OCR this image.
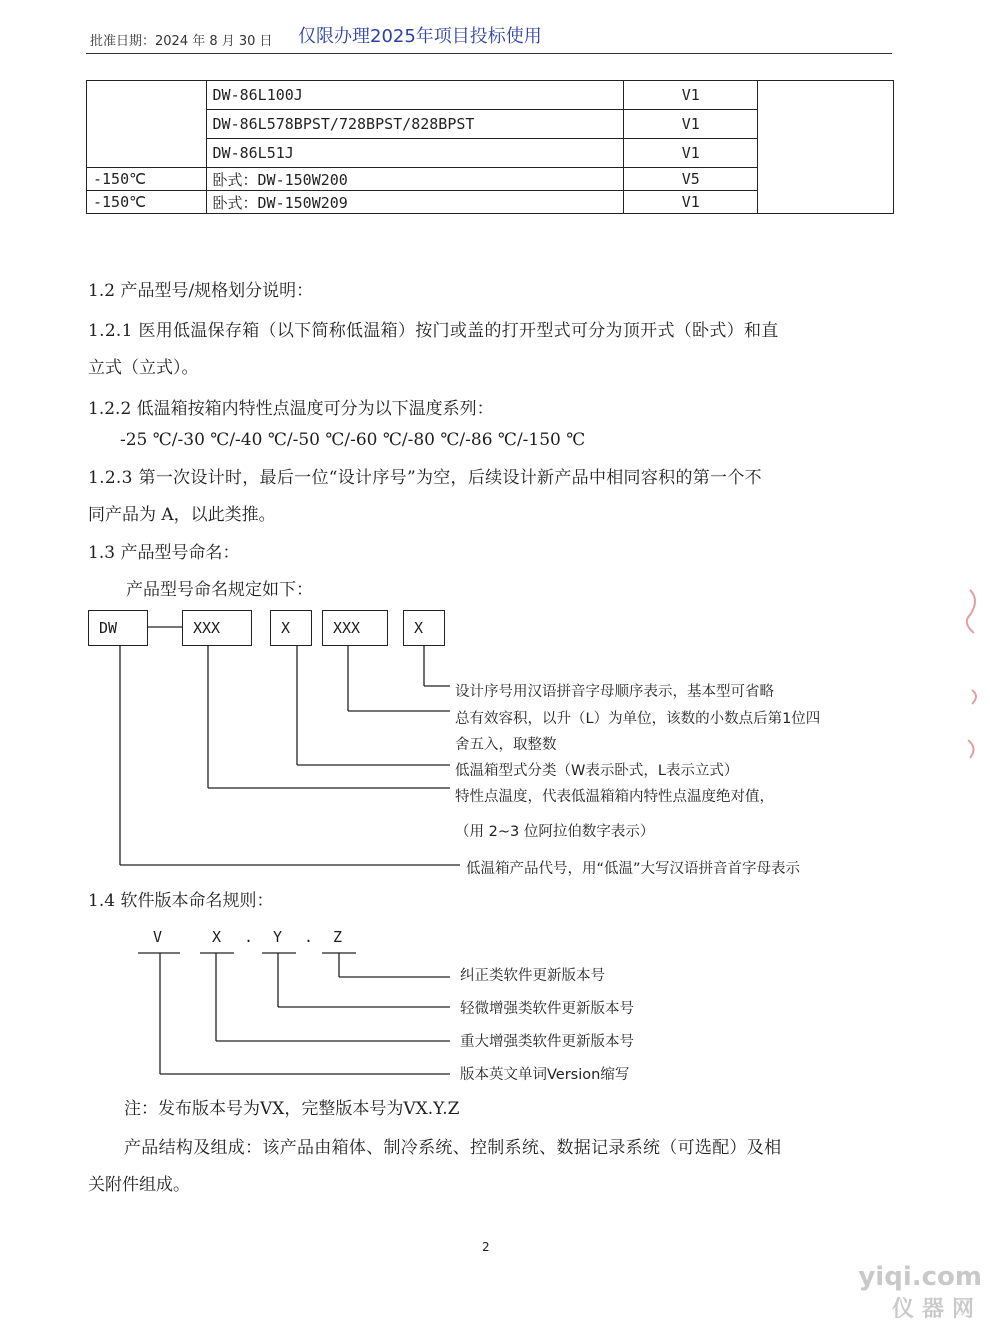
批准日期：2024 年 8 月 30 日 仅限办理2025年项目投标使用
	DW-86L100J	V1	
	DW-86L578BPST/728BPST/828BPST	V1	
	DW-86L51J	V1	
-150℃	卧式：DW-150W200	V5	
-150℃	卧式：DW-150W209	V1	
1.2 产品型号/规格划分说明：
1.2.1 医用低温保存箱（以下简称低温箱）按门或盖的打开型式可分为顶开式（卧式）和直
立式（立式）。
1.2.2 低温箱按箱内特性点温度可分为以下温度系列：
-25 ℃/-30 ℃/-40 ℃/-50 ℃/-60 ℃/-80 ℃/-86 ℃/-150 ℃
1.2.3 第一次设计时，最后一位“设计序号”为空，后续设计新产品中相同容积的第一个不
同产品为 A，以此类推。
1.3 产品型号命名：
产品型号命名规定如下：
DW	XXX	X	XXX	X
设计序号用汉语拼音字母顺序表示，基本型可省略
总有效容积，以升（L）为单位，该数的小数点后第1位四
舍五入，取整数
低温箱型式分类（W表示卧式，L表示立式）
特性点温度，代表低温箱箱内特性点温度绝对值，
（用 2~3 位阿拉伯数字表示）
低温箱产品代号，用“低温”大写汉语拼音首字母表示
1.4 软件版本命名规则：
V	X . Y . Z
纠正类软件更新版本号
轻微增强类软件更新版本号
重大增强类软件更新版本号
版本英文单词Version缩写
注：发布版本号为VX，完整版本号为VX.Y.Z
产品结构及组成：该产品由箱体、制冷系统、控制系统、数据记录系统（可选配）及相
关附件组成。
2
yiqi.com
仪器网
